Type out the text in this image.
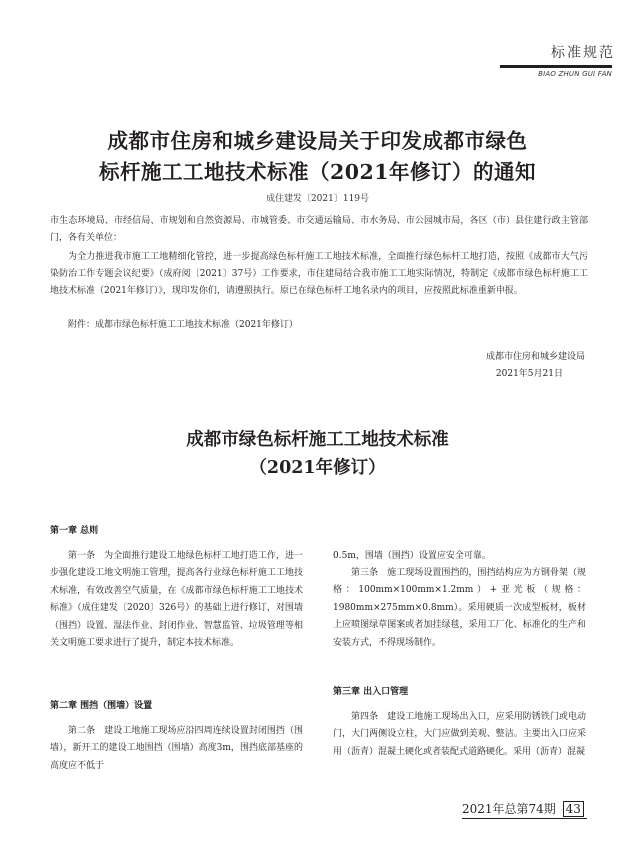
标准规范
BIAO ZHUN GUI FAN
成都市住房和城乡建设局关于印发成都市绿色
标杆施工工地技术标准（2021年修订）的通知
成住建发〔2021〕119号

市生态环境局、市经信局、市规划和自然资源局、市城管委、市交通运输局、市水务局、市公园城市局，各区（市）县住建行政主管部门，各有关单位：

为全力推进我市施工工地精细化管控，进一步提高绿色标杆施工工地技术标准，全面推行绿色标杆工地打造，按照《成都市大气污染防治工作专题会议纪要》（成府阅〔2021〕37号）工作要求，市住建局结合我市施工工地实际情况，特制定《成都市绿色标杆施工工地技术标准（2021年修订）》，现印发你们，请遵照执行。原已在绿色标杆工地名录内的项目，应按照此标准重新申报。

附件：成都市绿色标杆施工工地技术标准（2021年修订）

成都市住房和城乡建设局
2021年5月21日
成都市绿色标杆施工工地技术标准
（2021年修订）
第一章 总则

第一条　为全面推行建设工地绿色标杆工地打造工作，进一步强化建设工地文明施工管理，提高各行业绿色标杆施工工地技术标准，有效改善空气质量，在《成都市绿色标杆施工工地技术标准》（成住建发〔2020〕326号）的基础上进行修订，对围墙（围挡）设置、湿法作业、封闭作业、智慧监管、垃圾管理等相关文明施工要求进行了提升，制定本技术标准。

第二章 围挡（围墙）设置

第二条　建设工地施工现场应沿四周连续设置封闭围挡（围墙），新开工的建设工地围挡（围墙）高度3m，围挡底部基座的高度应不低于

0.5m，围墙（围挡）设置应安全可靠。

第三条　施工现场设置围挡的，围挡结构应为方钢骨架（规格：100mm×100mm×1.2mm）+亚光板（规格：1980mm×275mm×0.8mm）。采用硬质一次成型板材，板材上应喷图绿草图案或者加挂绿毯，采用工厂化、标准化的生产和安装方式，不得现场制作。

第三章 出入口管理

第四条　建设工地施工现场出入口，应采用防锈铁门或电动门，大门两侧设立柱，大门应做到美观、整洁。主要出入口应采用（沥青）混凝土硬化或者装配式道路硬化。采用（沥青）混凝

2021年总第74期 43
